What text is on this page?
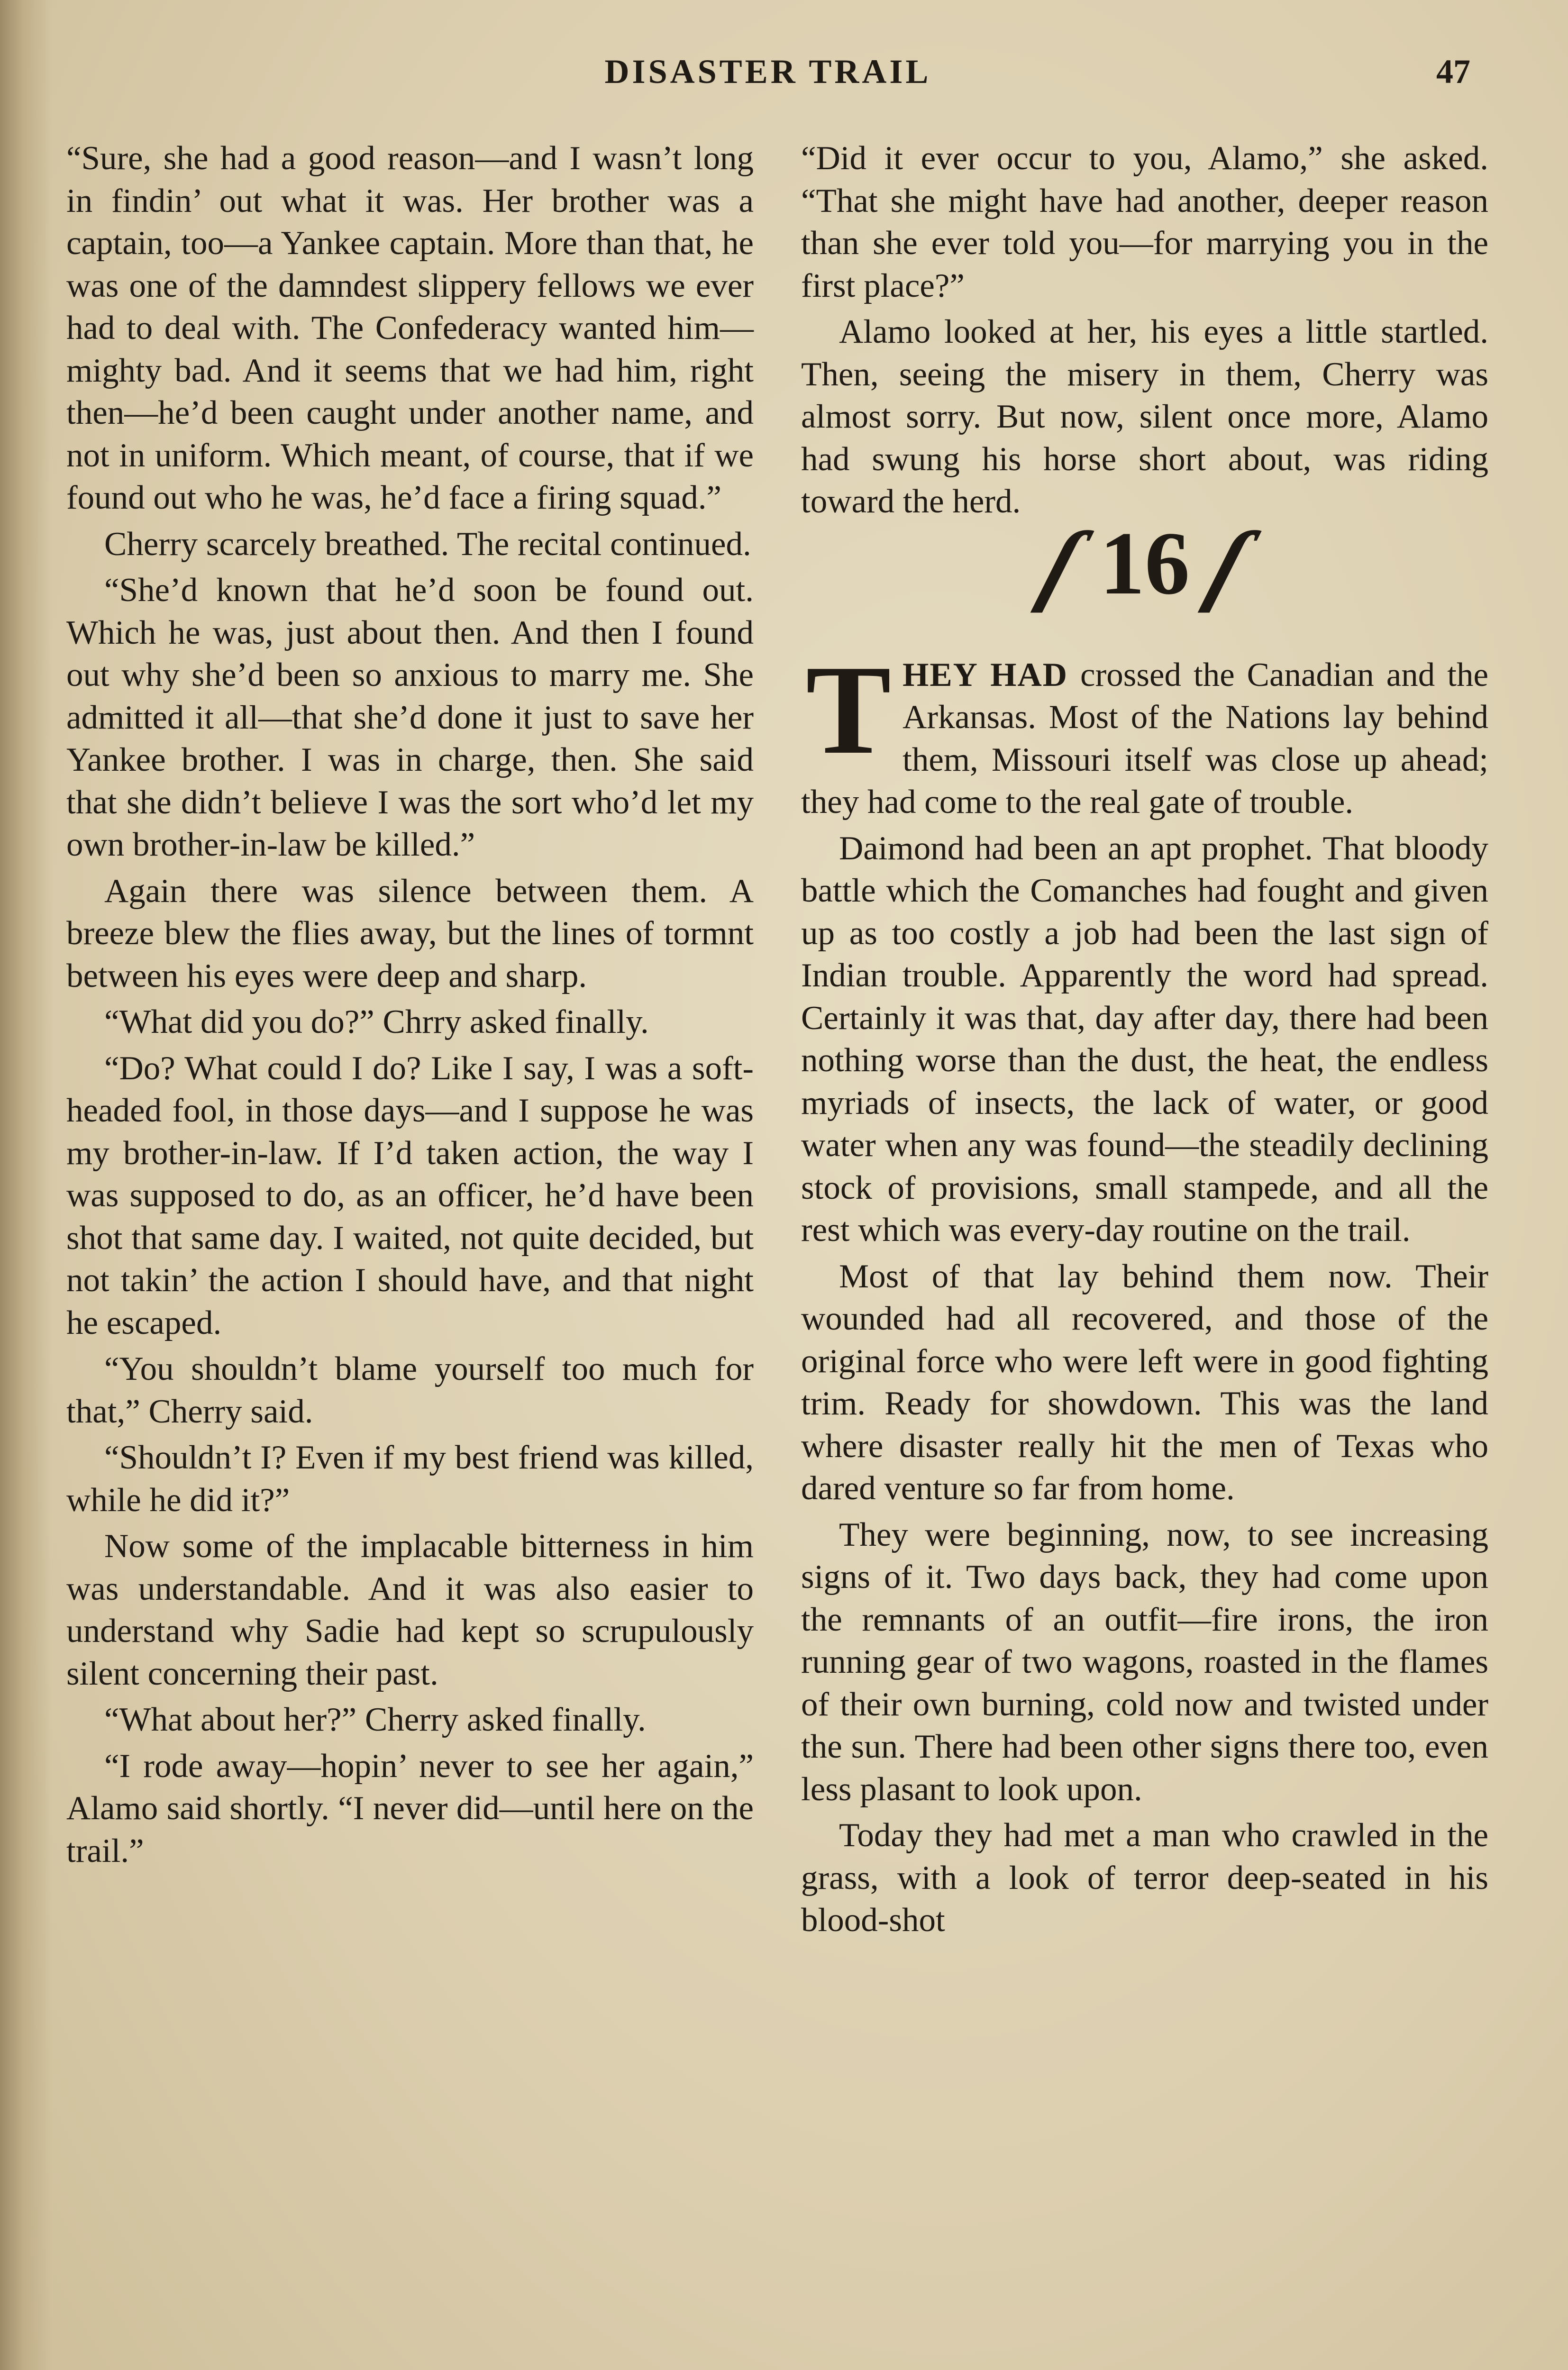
DISASTER TRAIL	47

“Sure, she had a good reason—and I wasn’t long in findin’ out what it was. Her brother was a captain, too—a Yankee captain. More than that, he was one of the damndest slippery fellows we ever had to deal with. The Confederacy wanted him—mighty bad. And it seems that we had him, right then—he’d been caught under another name, and not in uniform. Which meant, of course, that if we found out who he was, he’d face a firing squad.”

Cherry scarcely breathed. The recital continued.

“She’d known that he’d soon be found out. Which he was, just about then. And then I found out why she’d been so anxious to marry me. She admitted it all—that she’d done it just to save her Yankee brother. I was in charge, then. She said that she didn’t believe I was the sort who’d let my own brother-in-law be killed.”

Again there was silence between them. A breeze blew the flies away, but the lines of tormnt between his eyes were deep and sharp.

“What did you do?” Chrry asked finally.

“Do? What could I do? Like I say, I was a soft-headed fool, in those days—and I suppose he was my brother-in-law. If I’d taken action, the way I was supposed to do, as an officer, he’d have been shot that same day. I waited, not quite decided, but not takin’ the action I should have, and that night he escaped.

“You shouldn’t blame yourself too much for that,” Cherry said.

“Shouldn’t I? Even if my best friend was killed, while he did it?”

Now some of the implacable bitterness in him was understandable. And it was also easier to understand why Sadie had kept so scrupulously silent concerning their past.

“What about her?” Cherry asked finally.

“I rode away—hopin’ never to see her again,” Alamo said shortly. “I never did—until here on the trail.”

“Did it ever occur to you, Alamo,” she asked. “That she might have had another, deeper reason than she ever told you—for marrying you in the first place?”

Alamo looked at her, his eyes a little startled. Then, seeing the misery in them, Cherry was almost sorry. But now, silent once more, Alamo had swung his horse short about, was riding toward the herd.

ſ16ſ

THEY HAD crossed the Canadian and the Arkansas. Most of the Nations lay behind them, Missouri itself was close up ahead; they had come to the real gate of trouble.

Daimond had been an apt prophet. That bloody battle which the Comanches had fought and given up as too costly a job had been the last sign of Indian trouble. Apparently the word had spread. Certainly it was that, day after day, there had been nothing worse than the dust, the heat, the endless myriads of insects, the lack of water, or good water when any was found—the steadily declining stock of provisions, small stampede, and all the rest which was every-day routine on the trail.

Most of that lay behind them now. Their wounded had all recovered, and those of the original force who were left were in good fighting trim. Ready for showdown. This was the land where disaster really hit the men of Texas who dared venture so far from home.

They were beginning, now, to see increasing signs of it. Two days back, they had come upon the remnants of an outfit—fire irons, the iron running gear of two wagons, roasted in the flames of their own burning, cold now and twisted under the sun. There had been other signs there too, even less plasant to look upon.

Today they had met a man who crawled in the grass, with a look of terror deep-seated in his blood-shot
